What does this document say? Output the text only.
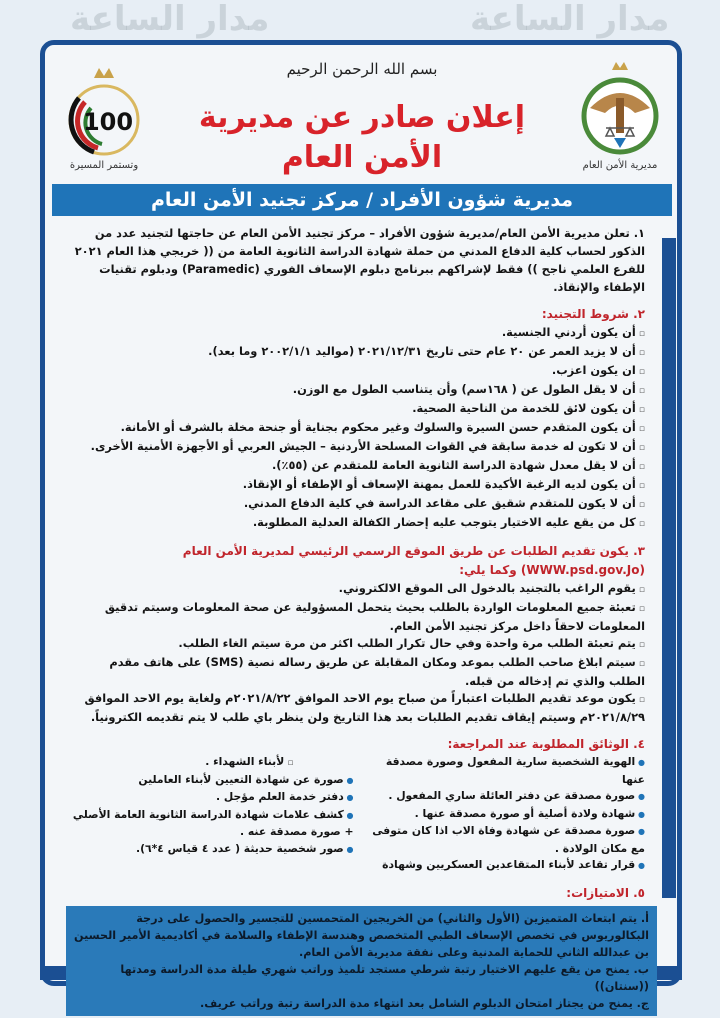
مدار الساعة	مدار الساعة
100
وتستمر المسيرة
بسم الله الرحمن الرحيم
إعلان صادر عن مديرية
الأمن العام	مديرية الأمن العام
مديرية شؤون الأفراد / مركز تجنيد الأمن العام
١. تعلن مديرية الأمن العام/مديرية شؤون الأفراد – مركز تجنيد الأمن العام عن حاجتها لتجنيد عدد من الذكور لحساب كلية الدفاع المدني من حملة شهادة الدراسة الثانوية العامة من (( خريجي هذا العام ٢٠٢١ للفرع العلمي ناجح )) فقط لإشراكهم ببرنامج دبلوم الإسعاف الفوري (Paramedic) ودبلوم تقنيات الإطفاء والإنقاذ.
٢. شروط التجنيد:
▫ أن يكون أردني الجنسية.
▫ أن لا يزيد العمر عن ٢٠ عام حتى تاريخ ٢٠٢١/١٢/٣١ (مواليد ٢٠٠٢/١/١ وما بعد).
▫ ان يكون اعزب.
▫ أن لا يقل الطول عن ( ١٦٨سم) وأن يتناسب الطول مع الوزن.
▫ أن يكون لائق للخدمة من الناحية الصحية.
▫ أن يكون المتقدم حسن السيرة والسلوك وغير محكوم بجناية أو جنحة مخلة بالشرف أو الأمانة.
▫ أن لا تكون له خدمة سابقة في القوات المسلحة الأردنية – الجيش العربي أو الأجهزة الأمنية الأخرى.
▫ أن لا يقل معدل شهادة الدراسة الثانوية العامة للمتقدم عن (٥٥٪).
▫ أن يكون لديه الرغبة الأكيدة للعمل بمهنة الإسعاف أو الإطفاء أو الإنقاذ.
▫ أن لا يكون للمتقدم شقيق على مقاعد الدراسة في كلية الدفاع المدني.
▫ كل من يقع عليه الاختيار يتوجب عليه إحضار الكفالة العدلية المطلوبة.
٣. يكون تقديم الطلبات عن طريق الموقع الرسمي الرئيسي لمديرية الأمن العام (WWW.psd.gov.Jo) وكما يلي:
▫ يقوم الراغب بالتجنيد بالدخول الى الموقع الالكتروني.
▫ تعبئة جميع المعلومات الواردة بالطلب بحيث يتحمل المسؤولية عن صحة المعلومات وسيتم تدقيق المعلومات لاحقاً داخل مركز تجنيد الأمن العام.
▫ يتم تعبئة الطلب مرة واحدة وفي حال تكرار الطلب اكثر من مرة سيتم الغاء الطلب.
▫ سيتم ابلاغ صاحب الطلب بموعد ومكان المقابلة عن طريق رساله نصية (SMS) على هاتف مقدم الطلب والذي تم إدخاله من قبله.
▫ يكون موعد تقديم الطلبات اعتباراً من صباح يوم الاحد الموافق ٢٠٢١/٨/٢٢م ولغاية يوم الاحد الموافق ٢٠٢١/٨/٢٩م وسيتم إيقاف تقديم الطلبات بعد هذا التاريخ ولن ينظر باي طلب لا يتم تقديمه الكترونياً.
٤. الوثائق المطلوبة عند المراجعة:
● الهوية الشخصية سارية المفعول وصورة مصدقة عنها
● صورة مصدقة عن دفتر العائلة ساري المفعول .
● شهادة ولادة أصلية أو صورة مصدقة عنها .
● صورة مصدقة عن شهادة وفاة الاب اذا كان متوفى مع مكان الولادة .
● قرار تقاعد لأبناء المتقاعدين العسكريين وشهادة
▫ لأبناء الشهداء .
● صورة عن شهادة التعيين لأبناء العاملين
● دفتر خدمة العلم مؤجل .
● كشف علامات شهادة الدراسة الثانوية العامة الأصلي + صورة مصدقة عنه .
● صور شخصية حديثة ( عدد ٤ قياس ٤*٦).
٥. الامتيازات:
أ. يتم ابتعاث المتميزين (الأول والثاني) من الخريجين المتحمسين للتجسير والحصول على درجة البكالوريوس في تخصص الإسعاف الطبي المتخصص وهندسة الإطفاء والسلامة في أكاديمية الأمير الحسين بن عبدالله الثاني للحماية المدنية وعلى نفقة مديرية الأمن العام.
ب. يمنح من يقع عليهم الاختيار رتبة شرطي مستجد تلميذ وراتب شهري طيلة مدة الدراسة ومدتها ((سنتان))
ج. يمنح من يجتاز امتحان الدبلوم الشامل بعد انتهاء مدة الدراسة رتبة وراتب عريف.
